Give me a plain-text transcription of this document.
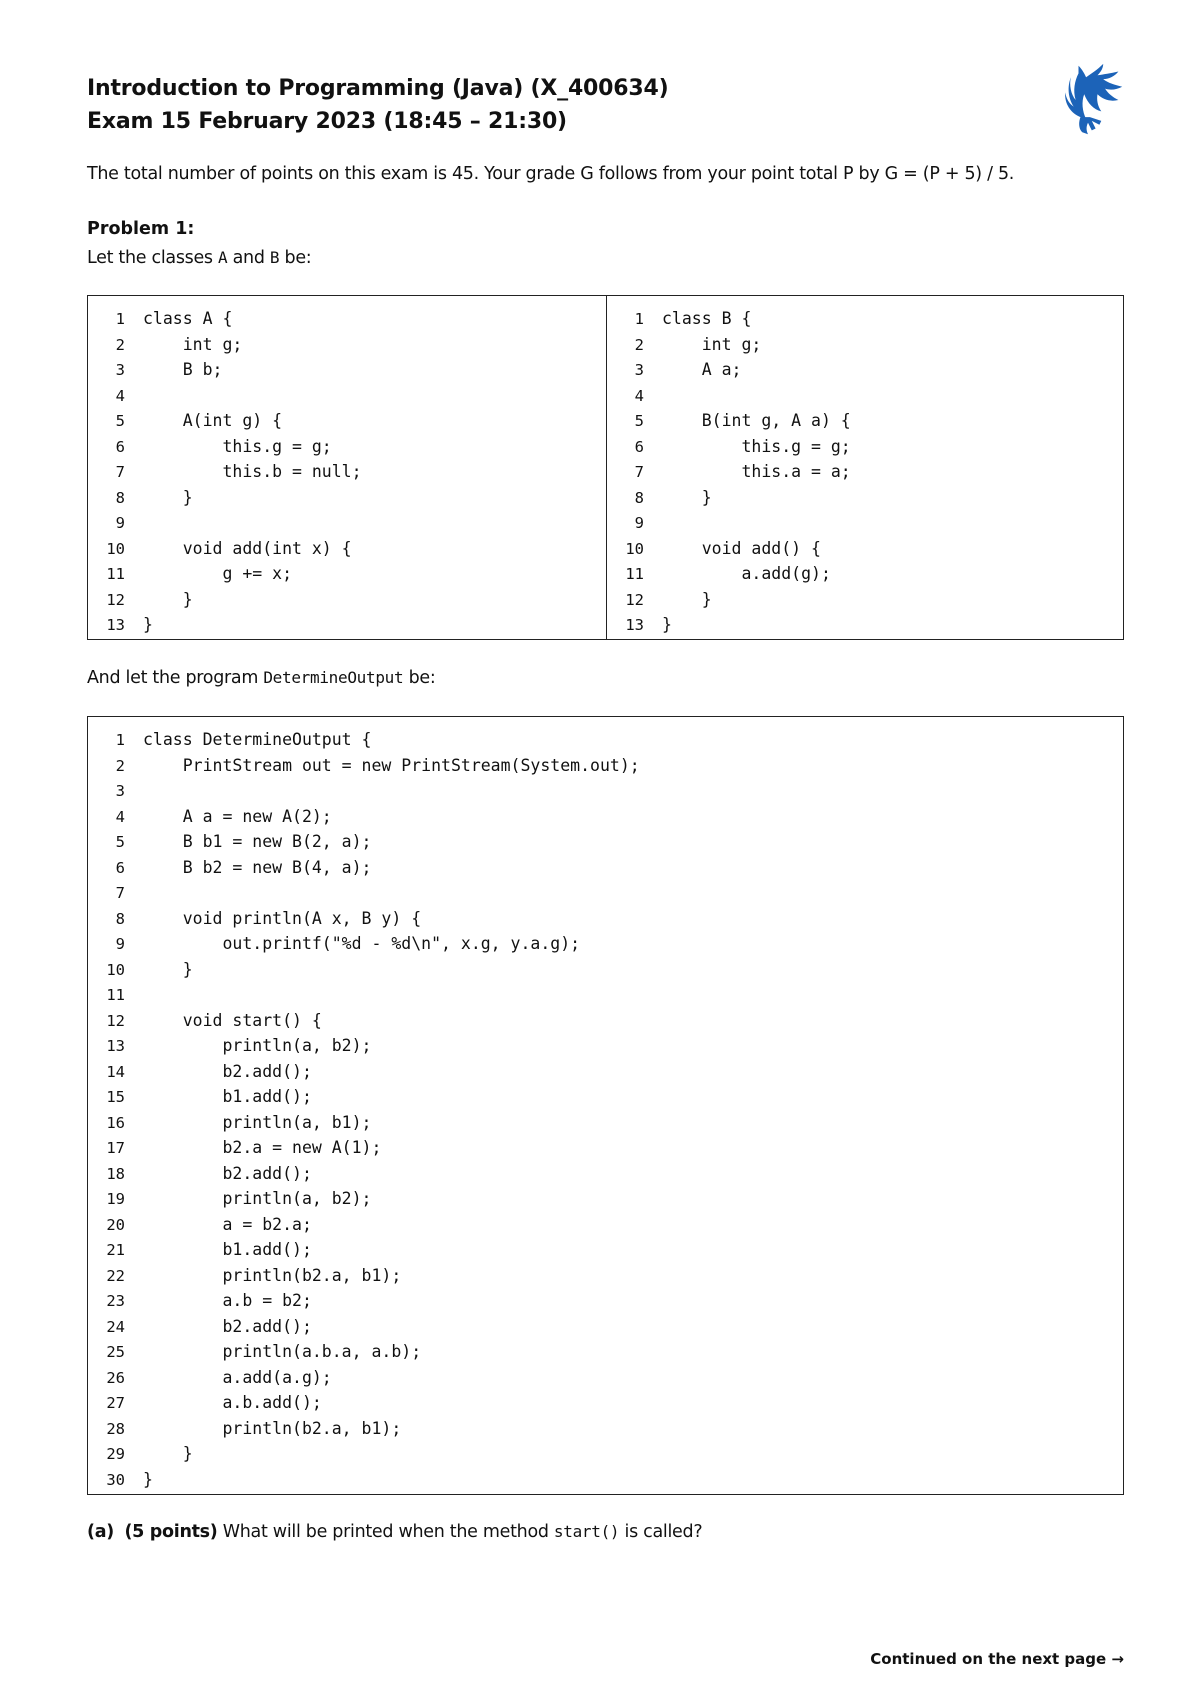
Introduction to Programming (Java) (X_400634)
Exam 15 February 2023 (18:45 – 21:30)
The total number of points on this exam is 45. Your grade G follows from your point total P by G = (P + 5) / 5.
Problem 1:
Let the classes A and B be:
1 class A {
2    int g;
3    B b;
4
5    A(int g) {
6        this.g = g;
7        this.b = null;
8    }
9
10    void add(int x) {
11        g += x;
12    }
13 }
1 class B {
2    int g;
3    A a;
4
5    B(int g, A a) {
6        this.g = g;
7        this.a = a;
8    }
9
10    void add() {
11        a.add(g);
12    }
13 }
And let the program DetermineOutput be:
1 class DetermineOutput {
2    PrintStream out = new PrintStream(System.out);
3
4    A a = new A(2);
5    B b1 = new B(2, a);
6    B b2 = new B(4, a);
7
8    void println(A x, B y) {
9        out.printf("%d - %d\n", x.g, y.a.g);
10    }
11
12    void start() {
13        println(a, b2);
14        b2.add();
15        b1.add();
16        println(a, b1);
17        b2.a = new A(1);
18        b2.add();
19        println(a, b2);
20        a = b2.a;
21        b1.add();
22        println(b2.a, b1);
23        a.b = b2;
24        b2.add();
25        println(a.b.a, a.b);
26        a.add(a.g);
27        a.b.add();
28        println(b2.a, b1);
29    }
30 }
(a) (5 points) What will be printed when the method start() is called?
Continued on the next page →
